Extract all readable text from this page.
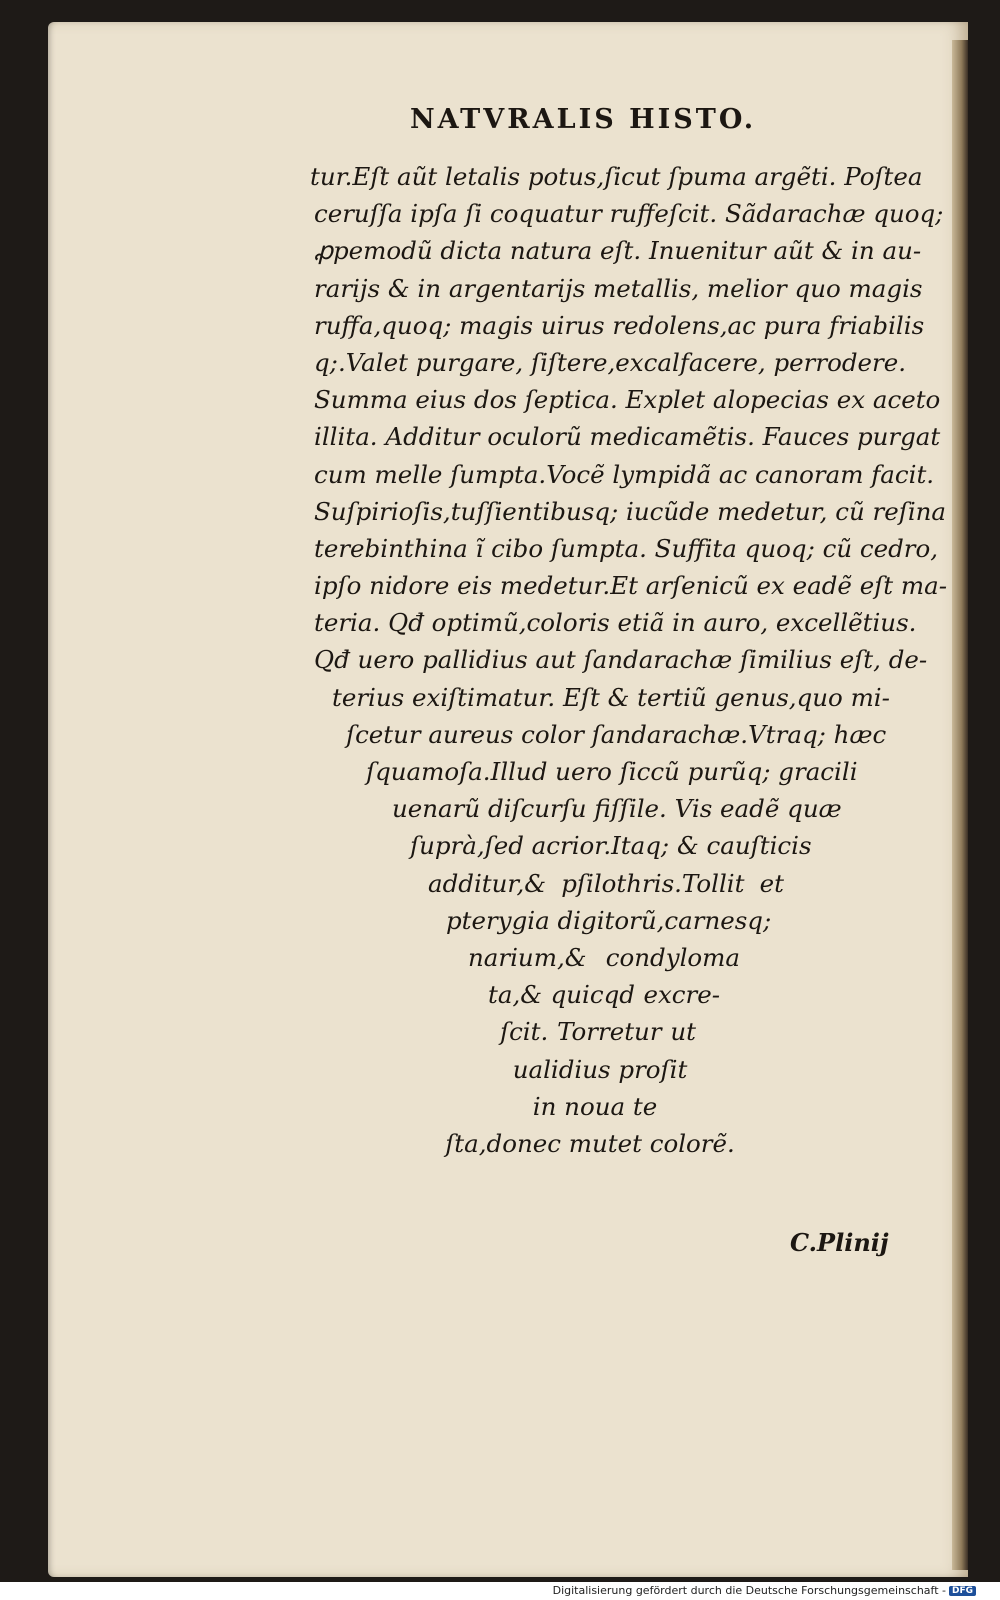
NATVRALIS HISTO.
tur.Eſt aũt letalis potus,ſicut ſpuma argẽti. Poſtea
ceruſſa ipſa ſi coquatur ruffeſcit. Sãdarachæ quoq;
ꝓpemodũ dicta natura eſt. Inuenitur aũt & in au-
rarijs & in argentarijs metallis, melior quo magis
ruffa,quoq; magis uirus redolens,ac pura friabilis
q;.Valet purgare, ſiſtere,excalfacere, perrodere.
Summa eius dos ſeptica. Explet alopecias ex aceto
illita. Additur oculorũ medicamẽtis. Fauces purgat
cum melle ſumpta.Vocẽ lympidã ac canoram facit.
Suſpirioſis,tuſſientibusq; iucũde medetur, cũ reſina
terebinthina ĩ cibo ſumpta. Suffita quoq; cũ cedro,
ipſo nidore eis medetur.Et arſenicũ ex eadẽ eſt ma-
teria. Qđ optimũ,coloris etiã in auro, excellẽtius.
Qđ uero pallidius aut ſandarachæ ſimilius eſt, de-
terius exiſtimatur. Eſt & tertiũ genus,quo mi-
ſcetur aureus color ſandarachæ.Vtraq; hæc
ſquamoſa.Illud uero ſiccũ purũq; gracili
uenarũ diſcurſu fiſſile. Vis eadẽ quæ
ſuprà,ſed acrior.Itaq; & cauſticis
additur,& pſilothris.Tollit et
pterygia digitorũ,carnesq;
narium,& condyloma
ta,& quicqd excre-
ſcit. Torretur ut
ualidius proſit
in noua te
ſta,donec mutet colorẽ.
C.Plinij
Digitalisierung gefördert durch die Deutsche Forschungsgemeinschaft - DFG
